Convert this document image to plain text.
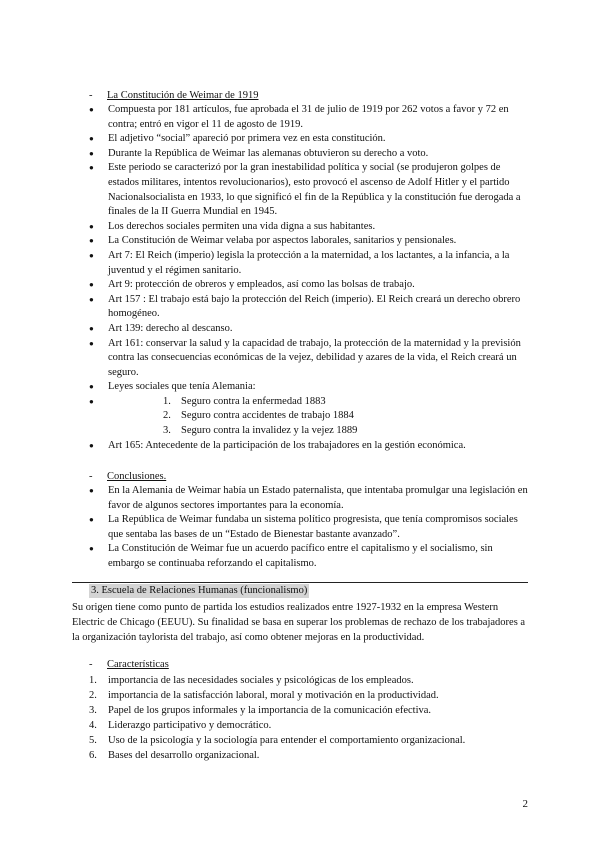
- La Constitución de Weimar de 1919
● Compuesta por 181 artículos, fue aprobada el 31 de julio de 1919 por 262 votos a favor y 72 en contra; entró en vigor el 11 de agosto de 1919.
● El adjetivo “social” apareció por primera vez en esta constitución.
● Durante la República de Weimar las alemanas obtuvieron su derecho a voto.
● Este periodo se caracterizó por la gran inestabilidad política y social (se produjeron golpes de estados militares, intentos revolucionarios), esto provocó el ascenso de Adolf Hitler y el partido Nacionalsocialista en 1933, lo que significó el fin de la República y la constitución fue derogada a finales de la II Guerra Mundial en 1945.
● Los derechos sociales permiten una vida digna a sus habitantes.
● La Constitución de Weimar velaba por aspectos laborales, sanitarios y pensionales.
● Art 7: El Reich (imperio) legisla la protección a la maternidad, a los lactantes, a la infancia, a la juventud y el régimen sanitario.
● Art 9: protección de obreros y empleados, así como las bolsas de trabajo.
● Art 157 : El trabajo está bajo la protección del Reich (imperio). El Reich creará un derecho obrero homogéneo.
● Art 139: derecho al descanso.
● Art 161: conservar la salud y la capacidad de trabajo, la protección de la maternidad y la previsión contra las consecuencias económicas de la vejez, debilidad y azares de la vida, el Reich creará un seguro.
● Leyes sociales que tenía Alemania:
● 1. Seguro contra la enfermedad 1883
2. Seguro contra accidentes de trabajo 1884
3. Seguro contra la invalidez y la vejez 1889
● Art 165: Antecedente de la participación de los trabajadores en la gestión económica.
- Conclusiones.
● En la Alemania de Weimar había un Estado paternalista, que intentaba promulgar una legislación en favor de algunos sectores importantes para la economía.
● La República de Weimar fundaba un sistema político progresista, que tenía compromisos sociales que sentaba las bases de un “Estado de Bienestar bastante avanzado”.
● La Constitución de Weimar fue un acuerdo pacífico entre el capitalismo y el socialismo, sin embargo se continuaba reforzando el capitalismo.
3. Escuela de Relaciones Humanas (funcionalismo)

Su origen tiene como punto de partida los estudios realizados entre 1927-1932 en la empresa Western Electric de Chicago (EEUU). Su finalidad se basa en superar los problemas de rechazo de los trabajadores a la organización taylorista del trabajo, así como obtener mejoras en la productividad.

- Características
1. importancia de las necesidades sociales y psicológicas de los empleados.
2. importancia de la satisfacción laboral, moral y motivación en la productividad.
3. Papel de los grupos informales y la importancia de la comunicación efectiva.
4. Liderazgo participativo y democrático.
5. Uso de la psicología y la sociología para entender el comportamiento organizacional.
6. Bases del desarrollo organizacional.
2
